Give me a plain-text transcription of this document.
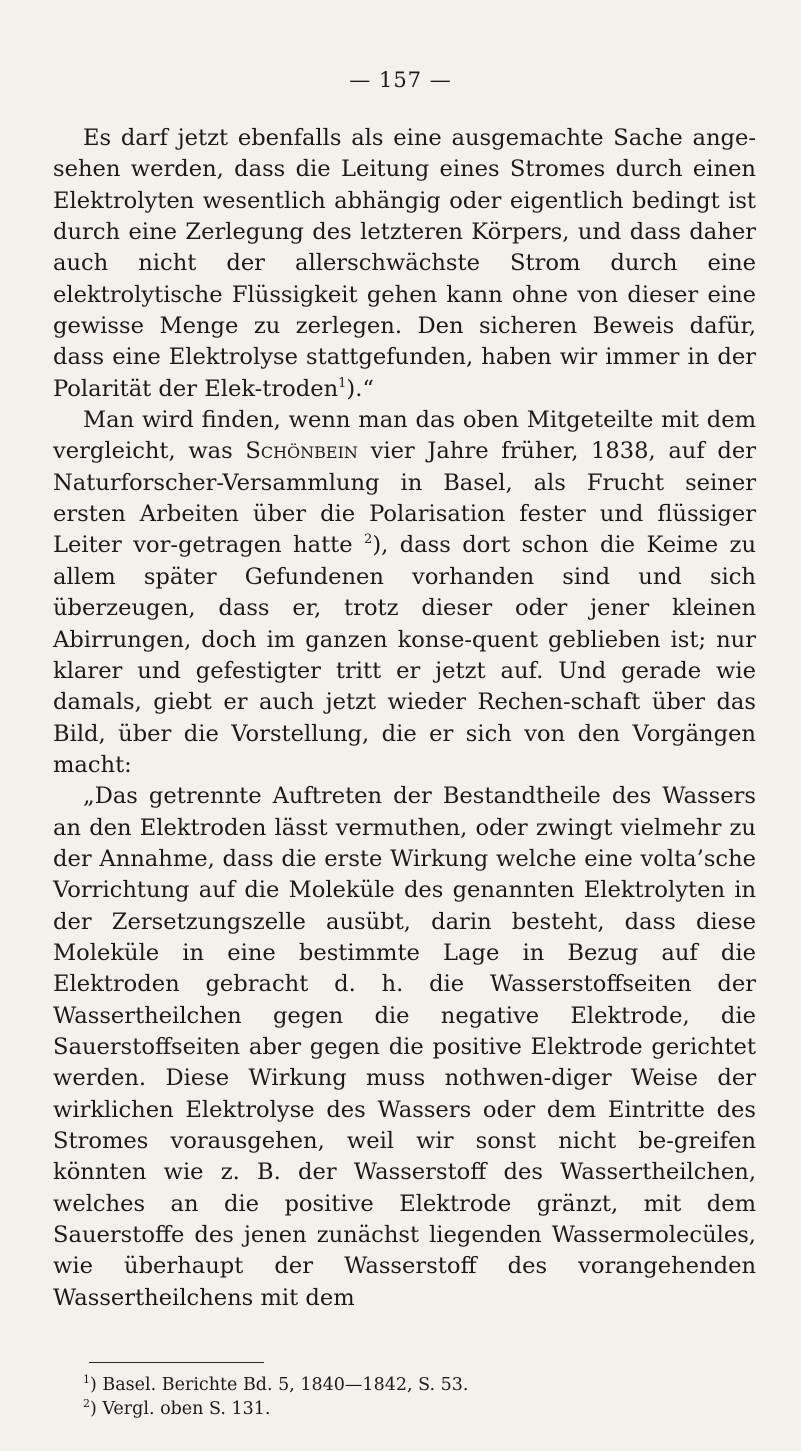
— 157 —

Es darf jetzt ebenfalls als eine ausgemachte Sache ange-sehen werden, dass die Leitung eines Stromes durch einen Elektrolyten wesentlich abhängig oder eigentlich bedingt ist durch eine Zerlegung des letzteren Körpers, und dass daher auch nicht der allerschwächste Strom durch eine elektrolytische Flüssigkeit gehen kann ohne von dieser eine gewisse Menge zu zerlegen. Den sicheren Beweis dafür, dass eine Elektrolyse stattgefunden, haben wir immer in der Polarität der Elek-troden$^1$).“

Man wird finden, wenn man das oben Mitgeteilte mit dem vergleicht, was Schönbein vier Jahre früher, 1838, auf der Naturforscher-Versammlung in Basel, als Frucht seiner ersten Arbeiten über die Polarisation fester und flüssiger Leiter vor-getragen hatte $^2$), dass dort schon die Keime zu allem später Gefundenen vorhanden sind und sich überzeugen, dass er, trotz dieser oder jener kleinen Abirrungen, doch im ganzen konse-quent geblieben ist; nur klarer und gefestigter tritt er jetzt auf. Und gerade wie damals, giebt er auch jetzt wieder Rechen-schaft über das Bild, über die Vorstellung, die er sich von den Vorgängen macht:

„Das getrennte Auftreten der Bestandtheile des Wassers an den Elektroden lässt vermuthen, oder zwingt vielmehr zu der Annahme, dass die erste Wirkung welche eine volta’sche Vorrichtung auf die Moleküle des genannten Elektrolyten in der Zersetzungszelle ausübt, darin besteht, dass diese Moleküle in eine bestimmte Lage in Bezug auf die Elektroden gebracht d. h. die Wasserstoffseiten der Wassertheilchen gegen die negative Elektrode, die Sauerstoffseiten aber gegen die positive Elektrode gerichtet werden. Diese Wirkung muss nothwen-diger Weise der wirklichen Elektrolyse des Wassers oder dem Eintritte des Stromes vorausgehen, weil wir sonst nicht be-greifen könnten wie z. B. der Wasserstoff des Wassertheilchen, welches an die positive Elektrode gränzt, mit dem Sauerstoffe des jenen zunächst liegenden Wassermolecüles, wie überhaupt der Wasserstoff des vorangehenden Wassertheilchens mit dem

$^1$) Basel. Berichte Bd. 5, 1840—1842, S. 53.

$^2$) Vergl. oben S. 131.
